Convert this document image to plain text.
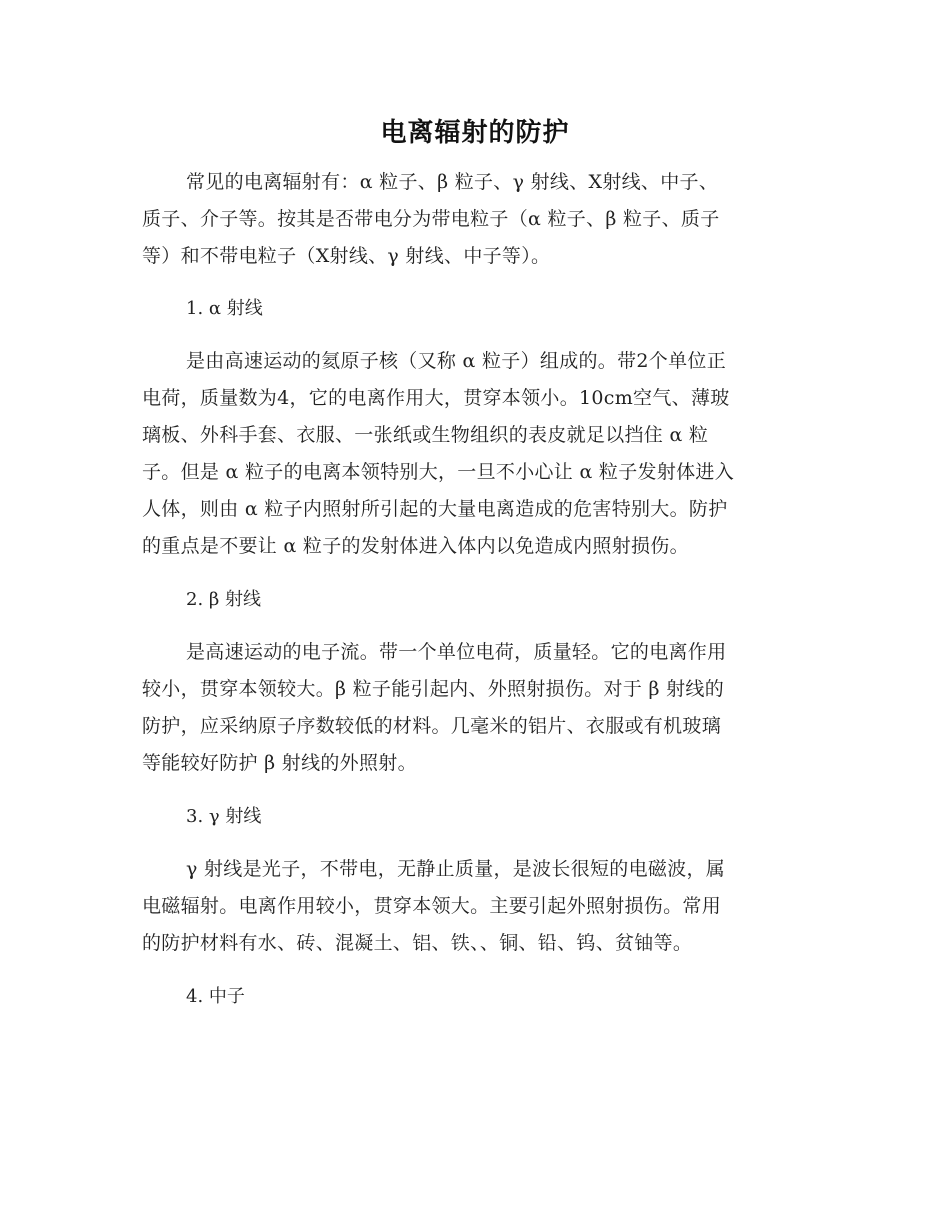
电离辐射的防护
常见的电离辐射有：α 粒子、β 粒子、γ 射线、X射线、中子、
质子、介子等。按其是否带电分为带电粒子（α 粒子、β 粒子、质子
等）和不带电粒子（X射线、γ 射线、中子等）。
1. α 射线
是由高速运动的氦原子核（又称 α 粒子）组成的。带2个单位正
电荷，质量数为4，它的电离作用大，贯穿本领小。10cm空气、薄玻
璃板、外科手套、衣服、一张纸或生物组织的表皮就足以挡住 α 粒
子。但是 α 粒子的电离本领特别大，一旦不小心让 α 粒子发射体进入
人体，则由 α 粒子内照射所引起的大量电离造成的危害特别大。防护
的重点是不要让 α 粒子的发射体进入体内以免造成内照射损伤。
2. β 射线
是高速运动的电子流。带一个单位电荷，质量轻。它的电离作用
较小，贯穿本领较大。β 粒子能引起内、外照射损伤。对于 β 射线的
防护，应采纳原子序数较低的材料。几毫米的铝片、衣服或有机玻璃
等能较好防护 β 射线的外照射。
3. γ 射线
γ 射线是光子，不带电，无静止质量，是波长很短的电磁波，属
电磁辐射。电离作用较小，贯穿本领大。主要引起外照射损伤。常用
的防护材料有水、砖、混凝土、铝、铁、、铜、铅、钨、贫铀等。
4. 中子
